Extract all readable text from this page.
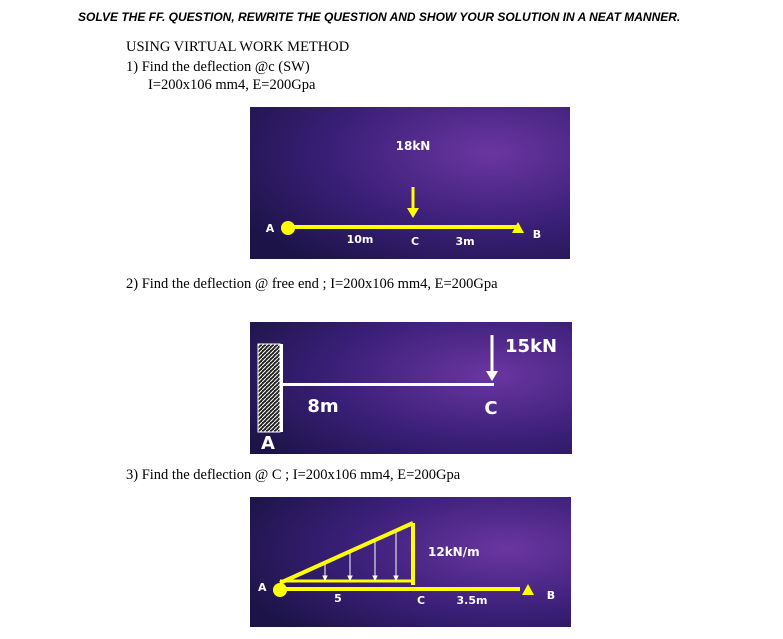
SOLVE THE FF. QUESTION, REWRITE THE QUESTION AND SHOW YOUR SOLUTION IN A NEAT MANNER.
USING VIRTUAL WORK METHOD
1) Find the deflection @c (SW)
I=200x106 mm4, E=200Gpa
18kN
A	B
C
10m	3m
2) Find the deflection @ free end ; I=200x106 mm4, E=200Gpa
15kN
8m	C
A
3) Find the deflection @ C ; I=200x106 mm4, E=200Gpa
12kN/m
A
B
C
5	3.5m
